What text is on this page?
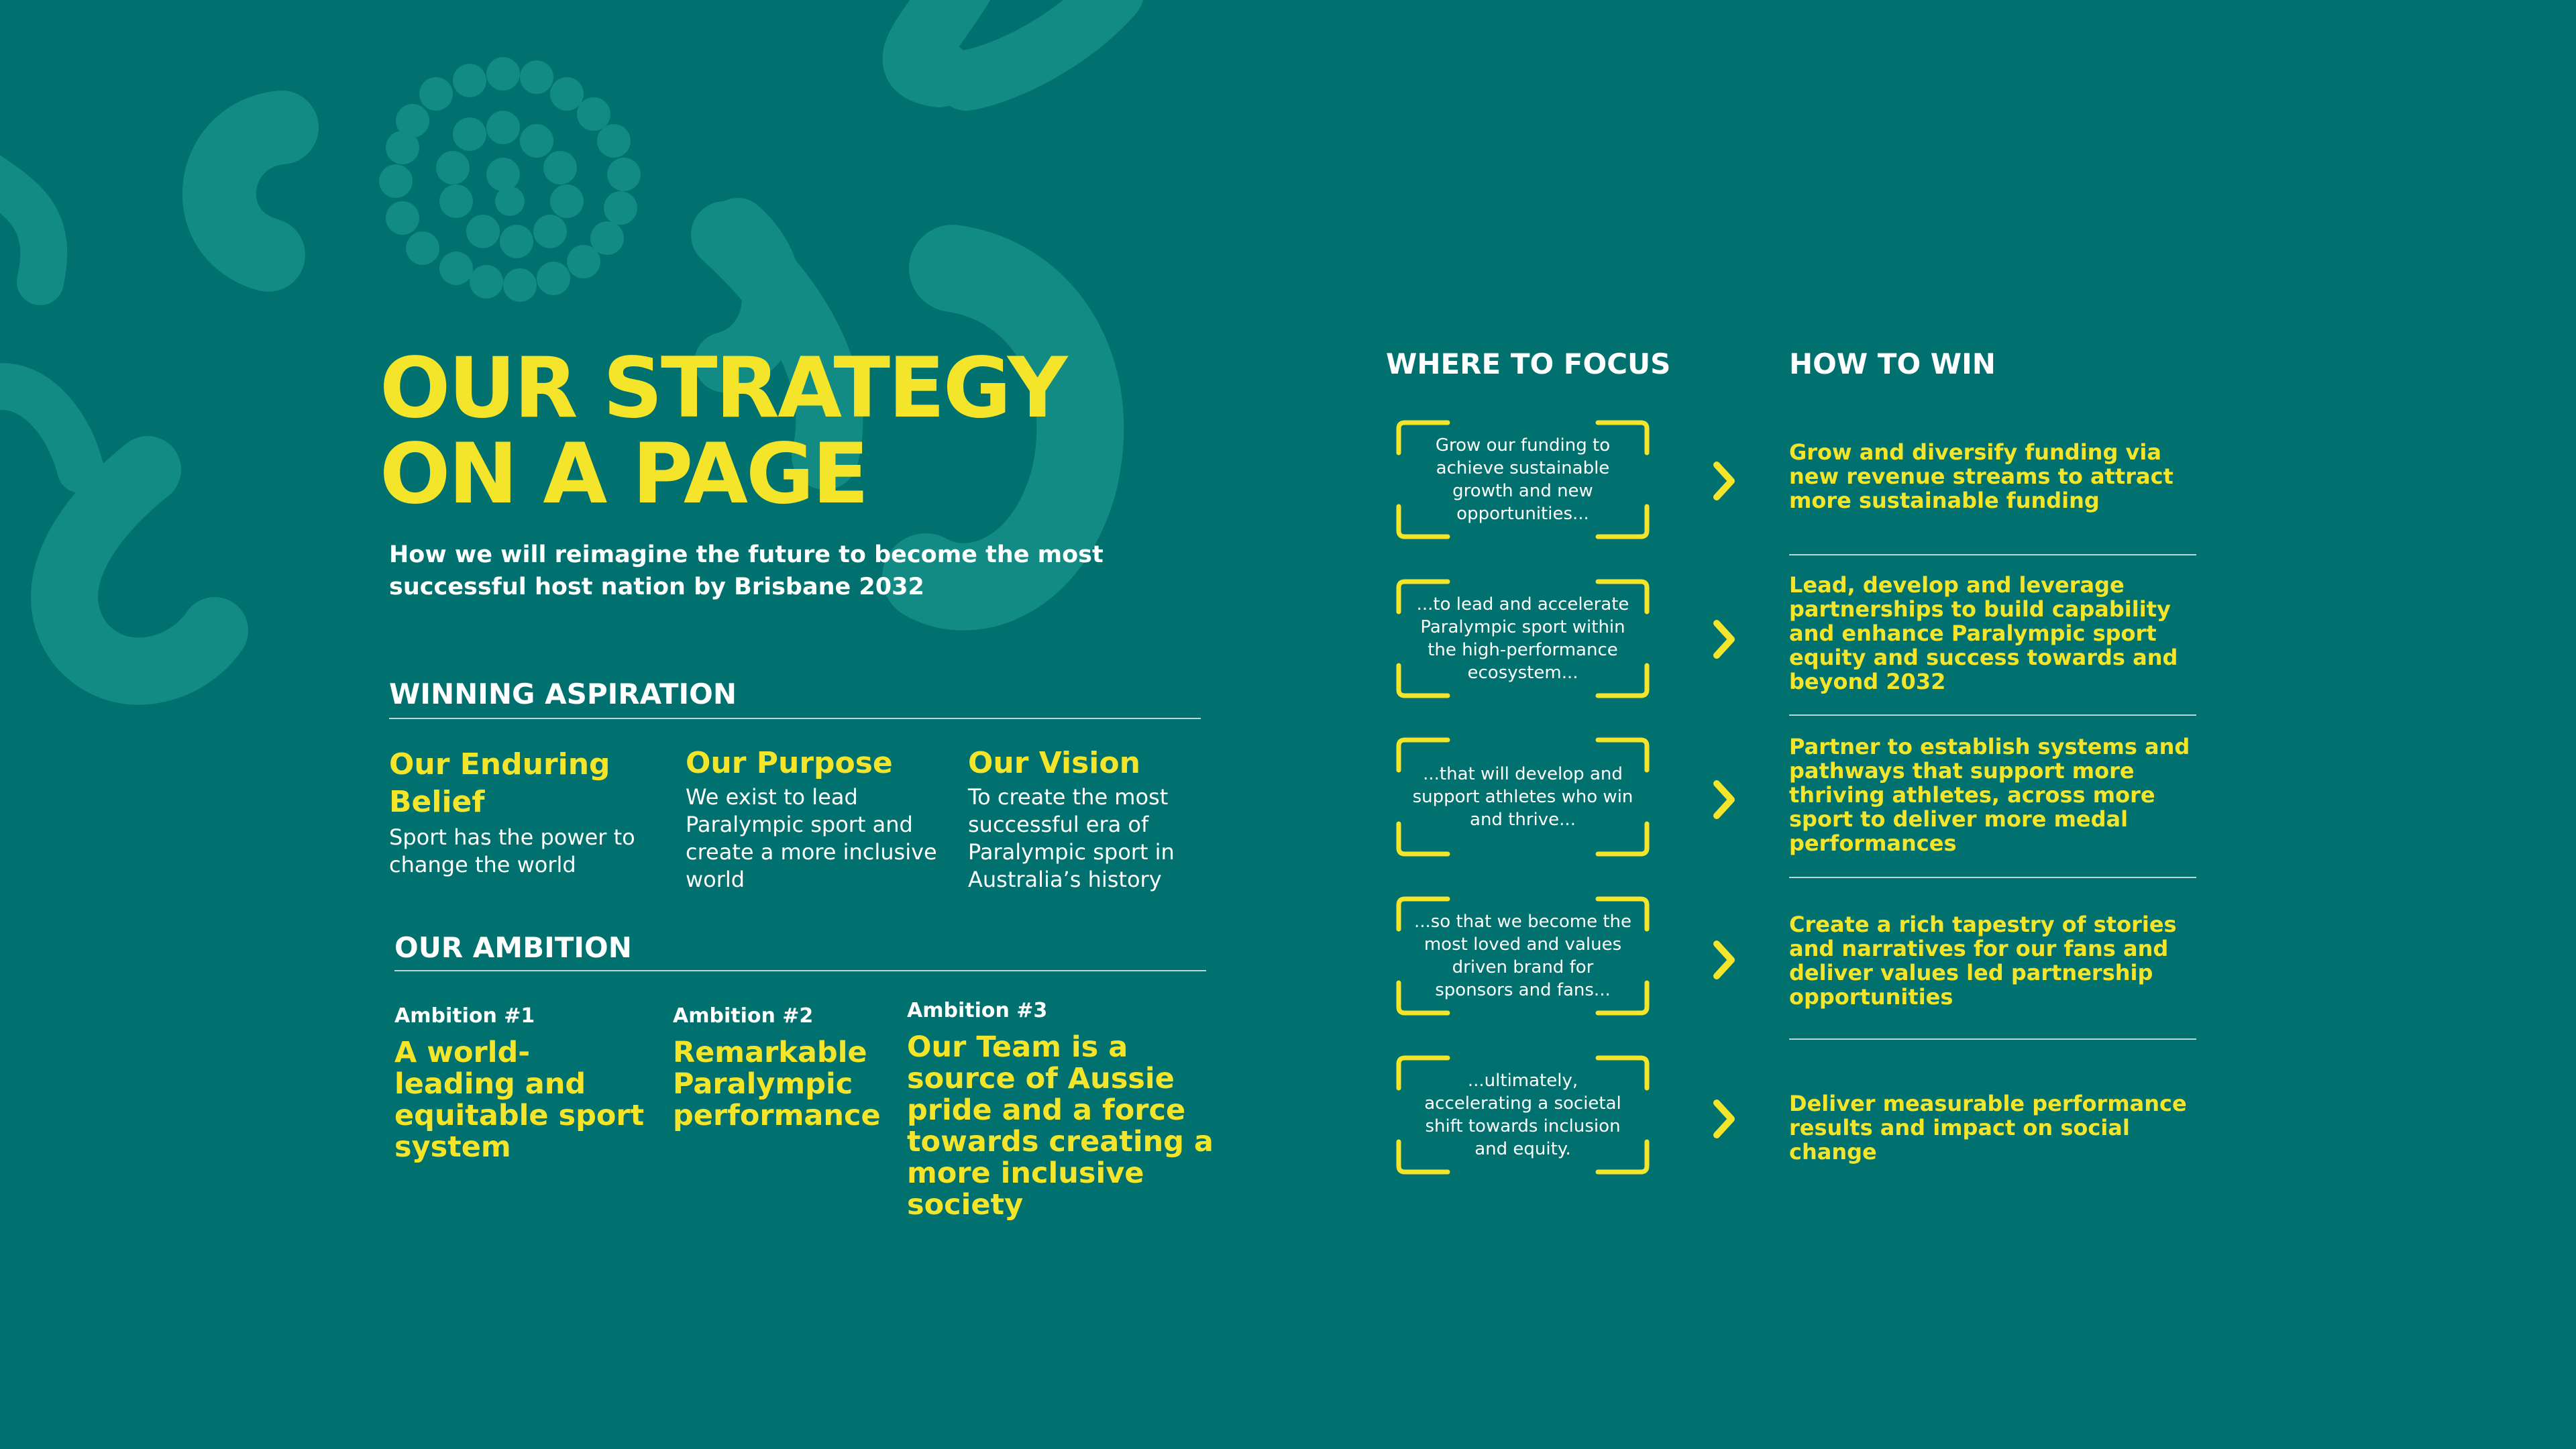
OUR STRATEGY
ON A PAGE
How we will reimagine the future to become the most successful host nation by Brisbane 2032
WINNING ASPIRATION
Our Enduring Belief
Sport has the power to change the world
Our Purpose
We exist to lead Paralympic sport and create a more inclusive world
Our Vision
To create the most successful era of Paralympic sport in Australia’s history
OUR AMBITION
Ambition #1
A world-leading and equitable sport system
Ambition #2
Remarkable Paralympic performance
Ambition #3
Our Team is a source of Aussie pride and a force towards creating a more inclusive society
WHERE TO FOCUS
Grow our funding to achieve sustainable growth and new opportunities...
...to lead and accelerate Paralympic sport within the high-performance ecosystem...
...that will develop and support athletes who win and thrive...
...so that we become the most loved and values driven brand for sponsors and fans...
...ultimately, accelerating a societal shift towards inclusion and equity.
HOW TO WIN
Grow and diversify funding via new revenue streams to attract more sustainable funding
Lead, develop and leverage partnerships to build capability and enhance Paralympic sport equity and success towards and beyond 2032
Partner to establish systems and pathways that support more thriving athletes, across more sport to deliver more medal performances
Create a rich tapestry of stories and narratives for our fans and deliver values led partnership opportunities
Deliver measurable performance results and impact on social change
